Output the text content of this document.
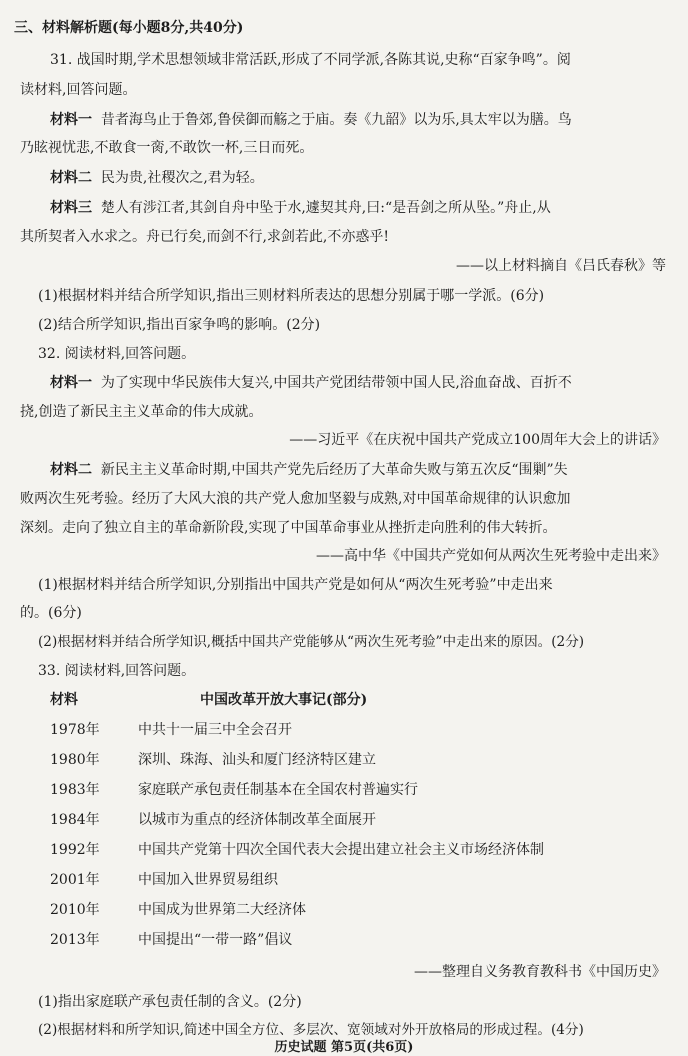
三、材料解析题(每小题8分,共40分)
31. 战国时期,学术思想领域非常活跃,形成了不同学派,各陈其说,史称“百家争鸣”。阅
读材料,回答问题。
材料一 昔者海鸟止于鲁郊,鲁侯御而觞之于庙。奏《九韶》以为乐,具太牢以为膳。鸟
乃眩视忧悲,不敢食一脔,不敢饮一杯,三日而死。
材料二 民为贵,社稷次之,君为轻。
材料三 楚人有涉江者,其剑自舟中坠于水,遽契其舟,曰:“是吾剑之所从坠。”舟止,从
其所契者入水求之。舟已行矣,而剑不行,求剑若此,不亦惑乎!
——以上材料摘自《吕氏春秋》等
(1)根据材料并结合所学知识,指出三则材料所表达的思想分别属于哪一学派。(6分)
(2)结合所学知识,指出百家争鸣的影响。(2分)
32. 阅读材料,回答问题。
材料一 为了实现中华民族伟大复兴,中国共产党团结带领中国人民,浴血奋战、百折不
挠,创造了新民主主义革命的伟大成就。
——习近平《在庆祝中国共产党成立100周年大会上的讲话》
材料二 新民主主义革命时期,中国共产党先后经历了大革命失败与第五次反“围剿”失
败两次生死考验。经历了大风大浪的共产党人愈加坚毅与成熟,对中国革命规律的认识愈加
深刻。走向了独立自主的革命新阶段,实现了中国革命事业从挫折走向胜利的伟大转折。
——高中华《中国共产党如何从两次生死考验中走出来》
(1)根据材料并结合所学知识,分别指出中国共产党是如何从“两次生死考验”中走出来
的。(6分)
(2)根据材料并结合所学知识,概括中国共产党能够从“两次生死考验”中走出来的原因。(2分)
33. 阅读材料,回答问题。
材料	中国改革开放大事记(部分)
1978年	中共十一届三中全会召开
1980年	深圳、珠海、汕头和厦门经济特区建立
1983年	家庭联产承包责任制基本在全国农村普遍实行
1984年	以城市为重点的经济体制改革全面展开
1992年	中国共产党第十四次全国代表大会提出建立社会主义市场经济体制
2001年	中国加入世界贸易组织
2010年	中国成为世界第二大经济体
2013年	中国提出“一带一路”倡议
——整理自义务教育教科书《中国历史》
(1)指出家庭联产承包责任制的含义。(2分)
(2)根据材料和所学知识,简述中国全方位、多层次、宽领域对外开放格局的形成过程。(4分)
历史试题 第5页(共6页)
